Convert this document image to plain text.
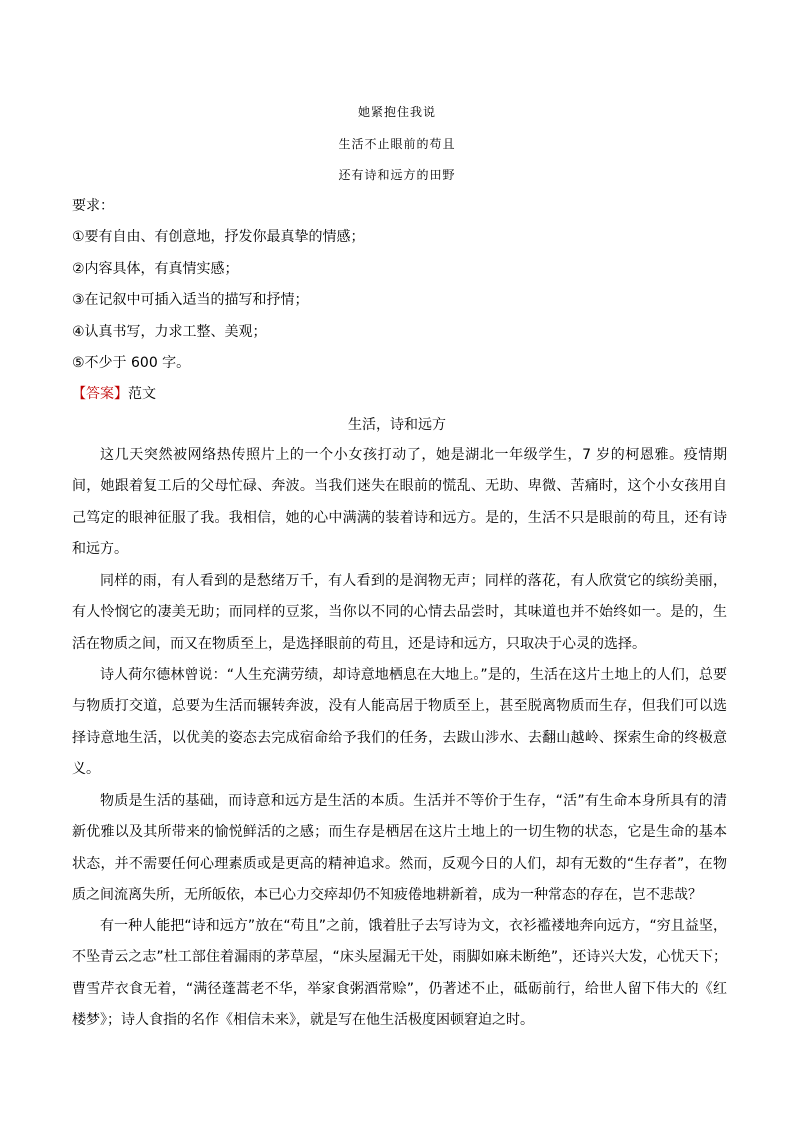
她紧抱住我说
生活不止眼前的苟且
还有诗和远方的田野
要求：
①要有自由、有创意地，抒发你最真挚的情感；
②内容具体，有真情实感；
③在记叙中可插入适当的描写和抒情；
④认真书写，力求工整、美观；
⑤不少于 600 字。
【答案】范文
生活，诗和远方

这几天突然被网络热传照片上的一个小女孩打动了，她是湖北一年级学生，7 岁的柯恩雅。疫情期间，她跟着复工后的父母忙碌、奔波。当我们迷失在眼前的慌乱、无助、卑微、苦痛时，这个小女孩用自己笃定的眼神征服了我。我相信，她的心中满满的装着诗和远方。是的，生活不只是眼前的苟且，还有诗和远方。

同样的雨，有人看到的是愁绪万千，有人看到的是润物无声；同样的落花，有人欣赏它的缤纷美丽，有人怜悯它的凄美无助；而同样的豆浆，当你以不同的心情去品尝时，其味道也并不始终如一。是的，生活在物质之间，而又在物质至上，是选择眼前的苟且，还是诗和远方，只取决于心灵的选择。

诗人荷尔德林曾说：“人生充满劳绩，却诗意地栖息在大地上。”是的，生活在这片土地上的人们，总要与物质打交道，总要为生活而辗转奔波，没有人能高居于物质至上，甚至脱离物质而生存，但我们可以选择诗意地生活，以优美的姿态去完成宿命给予我们的任务，去跋山涉水、去翻山越岭、探索生命的终极意义。

物质是生活的基础，而诗意和远方是生活的本质。生活并不等价于生存，“活”有生命本身所具有的清新优雅以及其所带来的愉悦鲜活的之感；而生存是栖居在这片土地上的一切生物的状态，它是生命的基本状态，并不需要任何心理素质或是更高的精神追求。然而，反观今日的人们，却有无数的“生存者”，在物质之间流离失所，无所皈依，本已心力交瘁却仍不知疲倦地耕新着，成为一种常态的存在，岂不悲哉？

有一种人能把“诗和远方”放在“苟且”之前，饿着肚子去写诗为文，衣衫褴褛地奔向远方，“穷且益坚，不坠青云之志”杜工部住着漏雨的茅草屋，“床头屋漏无干处，雨脚如麻未断绝”，还诗兴大发，心忧天下；曹雪芹衣食无着，“满径蓬蒿老不华，举家食粥酒常赊”，仍著述不止，砥砺前行，给世人留下伟大的《红楼梦》；诗人食指的名作《相信未来》，就是写在他生活极度困顿窘迫之时。
